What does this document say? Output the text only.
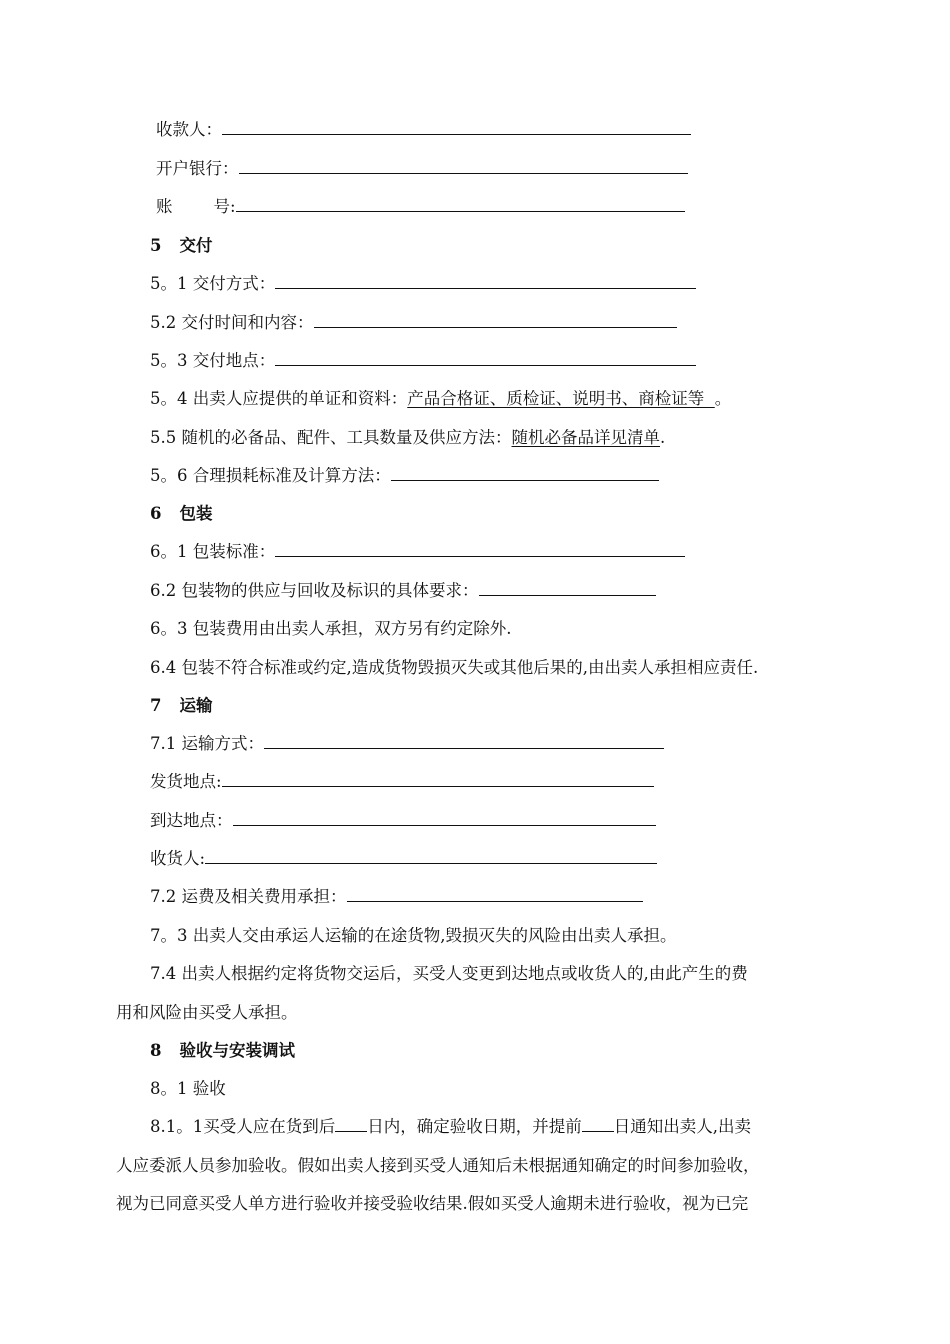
收款人：
开户银行：
账 号:
5 交付
5。1 交付方式：
5.2 交付时间和内容：
5。3 交付地点：
5。4 出卖人应提供的单证和资料：产品合格证、质检证、说明书、商检证等  。
5.5 随机的必备品、配件、工具数量及供应方法：随机必备品详见清单.
5。6 合理损耗标准及计算方法：
6 包装
6。1 包装标准：
6.2 包装物的供应与回收及标识的具体要求：
6。3 包装费用由出卖人承担，双方另有约定除外.
6.4 包装不符合标准或约定,造成货物毁损灭失或其他后果的,由出卖人承担相应责任.
7 运输
7.1 运输方式：
发货地点:
到达地点：
收货人:
7.2 运费及相关费用承担：
7。3 出卖人交由承运人运输的在途货物,毁损灭失的风险由出卖人承担。
7.4 出卖人根据约定将货物交运后，买受人变更到达地点或收货人的,由此产生的费
用和风险由买受人承担。
8 验收与安装调试
8。1 验收
8.1。1买受人应在货到后 日内，确定验收日期，并提前 日通知出卖人,出卖
人应委派人员参加验收。假如出卖人接到买受人通知后未根据通知确定的时间参加验收，
视为已同意买受人单方进行验收并接受验收结果.假如买受人逾期未进行验收，视为已完
